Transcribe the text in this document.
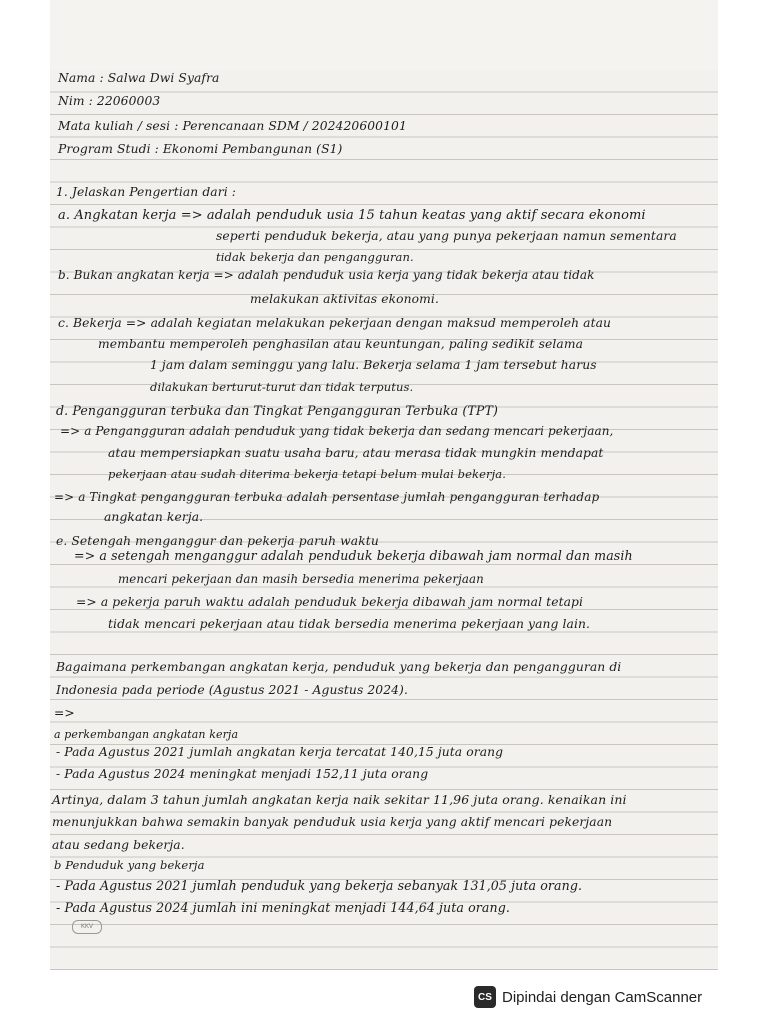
Nama : Salwa Dwi Syafra
Nim : 22060003
Mata kuliah / sesi : Perencanaan SDM / 202420600101
Program Studi : Ekonomi Pembangunan (S1)
1. Jelaskan Pengertian dari :
a. Angkatan kerja => adalah penduduk usia 15 tahun keatas yang aktif secara ekonomi
seperti penduduk bekerja, atau yang punya pekerjaan namun sementara
tidak bekerja dan pengangguran.
b. Bukan angkatan kerja => adalah penduduk usia kerja yang tidak bekerja atau tidak
melakukan aktivitas ekonomi.
c. Bekerja => adalah kegiatan melakukan pekerjaan dengan maksud memperoleh atau
membantu memperoleh penghasilan atau keuntungan, paling sedikit selama
1 jam dalam seminggu yang lalu. Bekerja selama 1 jam tersebut harus
dilakukan berturut-turut dan tidak terputus.
d. Pengangguran terbuka dan Tingkat Pengangguran Terbuka (TPT)
=> a Pengangguran adalah penduduk yang tidak bekerja dan sedang mencari pekerjaan,
atau mempersiapkan suatu usaha baru, atau merasa tidak mungkin mendapat
pekerjaan atau sudah diterima bekerja tetapi belum mulai bekerja.
=> a Tingkat pengangguran terbuka adalah persentase jumlah pengangguran terhadap
angkatan kerja.
e. Setengah menganggur dan pekerja paruh waktu
=> a setengah menganggur adalah penduduk bekerja dibawah jam normal dan masih
mencari pekerjaan dan masih bersedia menerima pekerjaan
=> a pekerja paruh waktu adalah penduduk bekerja dibawah jam normal tetapi
tidak mencari pekerjaan atau tidak bersedia menerima pekerjaan yang lain.
Bagaimana perkembangan angkatan kerja, penduduk yang bekerja dan pengangguran di
Indonesia pada periode (Agustus 2021 - Agustus 2024).
=>
a perkembangan angkatan kerja
- Pada Agustus 2021 jumlah angkatan kerja tercatat 140,15 juta orang
- Pada Agustus 2024 meningkat menjadi 152,11 juta orang
Artinya, dalam 3 tahun jumlah angkatan kerja naik sekitar 11,96 juta orang. kenaikan ini
menunjukkan bahwa semakin banyak penduduk usia kerja yang aktif mencari pekerjaan
atau sedang bekerja.
b Penduduk yang bekerja
- Pada Agustus 2021 jumlah penduduk yang bekerja sebanyak 131,05 juta orang.
- Pada Agustus 2024 jumlah ini meningkat menjadi 144,64 juta orang.
KKV
CS Dipindai dengan CamScanner
